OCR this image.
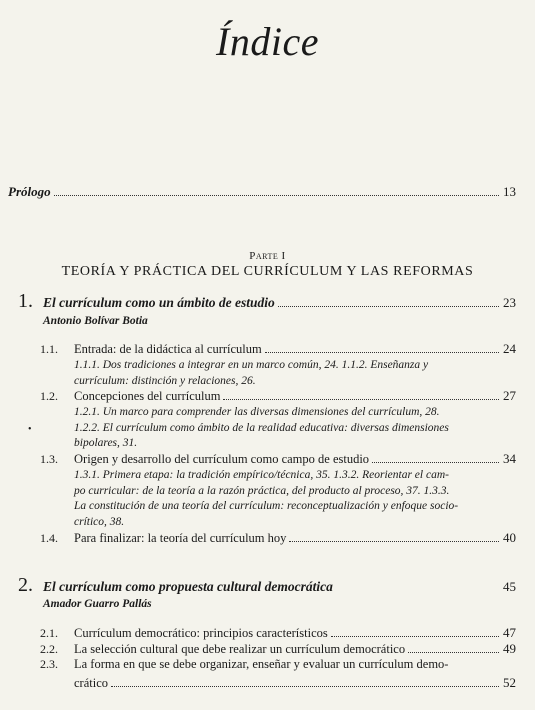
Índice
Prólogo	13
Parte I
TEORÍA Y PRÁCTICA DEL CURRÍCULUM Y LAS REFORMAS
1. El currículum como un ámbito de estudio	23
Antonio Bolívar Botia
1.1.	Entrada: de la didáctica al currículum	24
1.1.1. Dos tradiciones a integrar en un marco común, 24. 1.1.2. Enseñanza y
currículum: distinción y relaciones, 26.
1.2.	Concepciones del currículum	27
1.2.1. Un marco para comprender las diversas dimensiones del currículum, 28.
1.2.2. El currículum como ámbito de la realidad educativa: diversas dimensiones
bipolares, 31.
•
1.3.	Origen y desarrollo del currículum como campo de estudio	34
1.3.1. Primera etapa: la tradición empírico/técnica, 35. 1.3.2. Reorientar el cam-
po curricular: de la teoría a la razón práctica, del producto al proceso, 37. 1.3.3.
La constitución de una teoría del currículum: reconceptualización y enfoque socio-
crítico, 38.
1.4.	Para finalizar: la teoría del currículum hoy	40
2. El currículum como propuesta cultural democrática	45
Amador Guarro Pallás
2.1.	Currículum democrático: principios característicos	47
2.2.	La selección cultural que debe realizar un currículum democrático	49
2.3.	La forma en que se debe organizar, enseñar y evaluar un currículum demo-
crático	52
